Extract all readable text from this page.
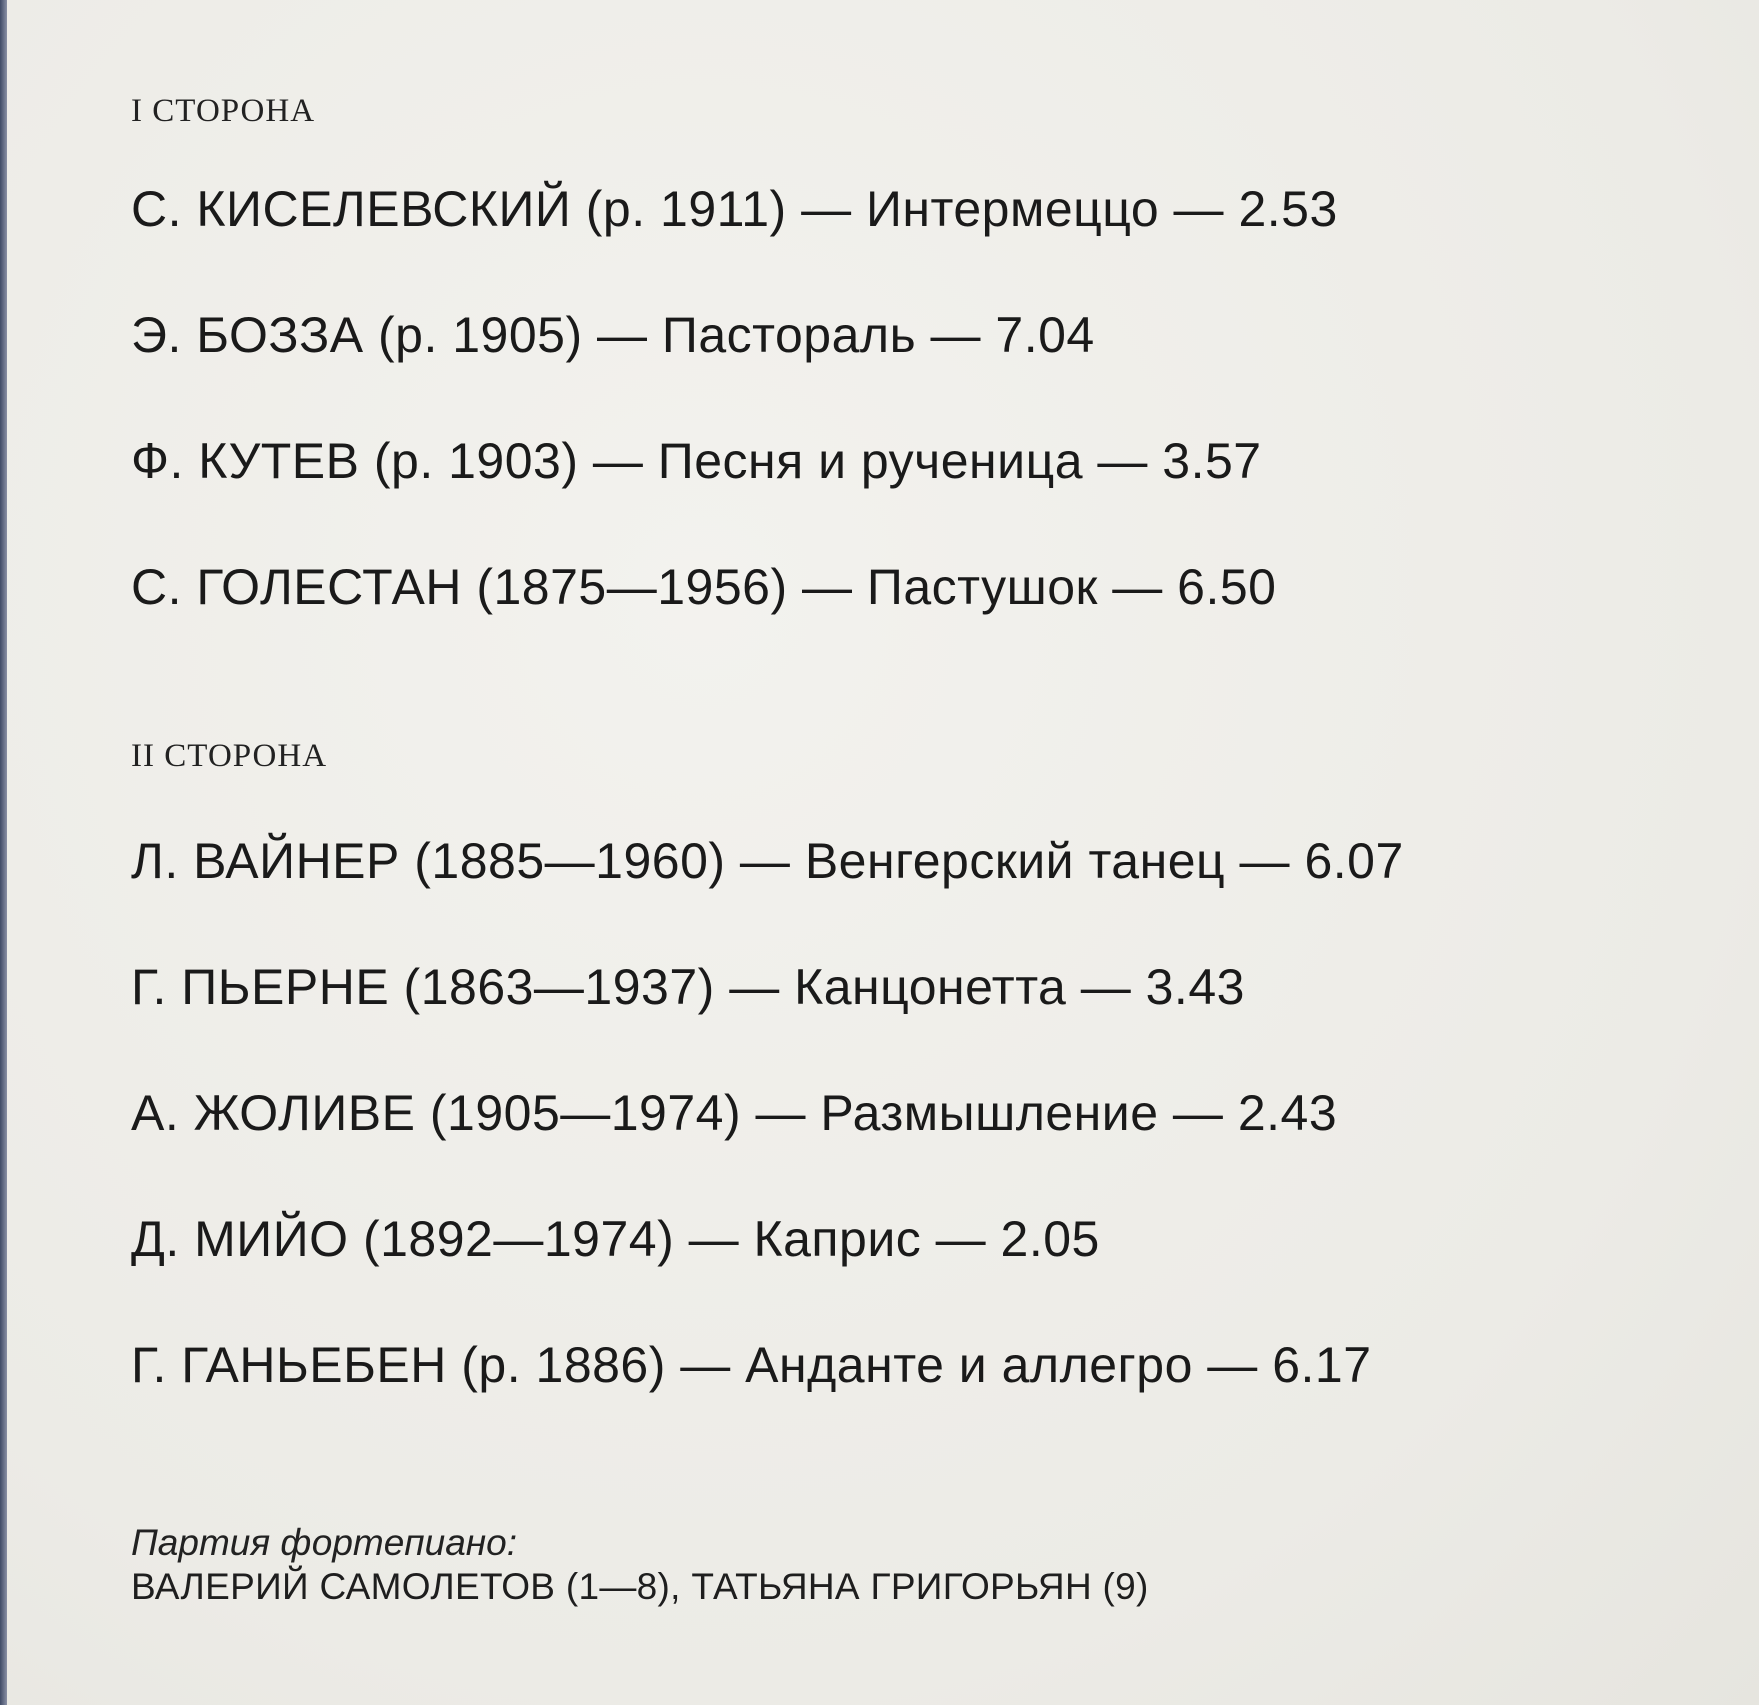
I СТОРОНА
С. КИСЕЛЕВСКИЙ (р. 1911) — Интермеццо — 2.53
Э. БОЗЗА (р. 1905) — Пастораль — 7.04
Ф. КУТЕВ (р. 1903) — Песня и ручeница — 3.57
С. ГОЛЕСТАН (1875—1956) — Пастушок — 6.50
II СТОРОНА
Л. ВАЙНЕР (1885—1960) — Венгерский танец — 6.07
Г. ПЬЕРНЕ (1863—1937) — Канцонетта — 3.43
А. ЖОЛИВЕ (1905—1974) — Размышление — 2.43
Д. МИЙО (1892—1974) — Каприс — 2.05
Г. ГАНЬЕБЕН (р. 1886) — Анданте и аллегро — 6.17
Партия фортепиано:
ВАЛЕРИЙ САМОЛЕТОВ (1—8), ТАТЬЯНА ГРИГОРЬЯН (9)
